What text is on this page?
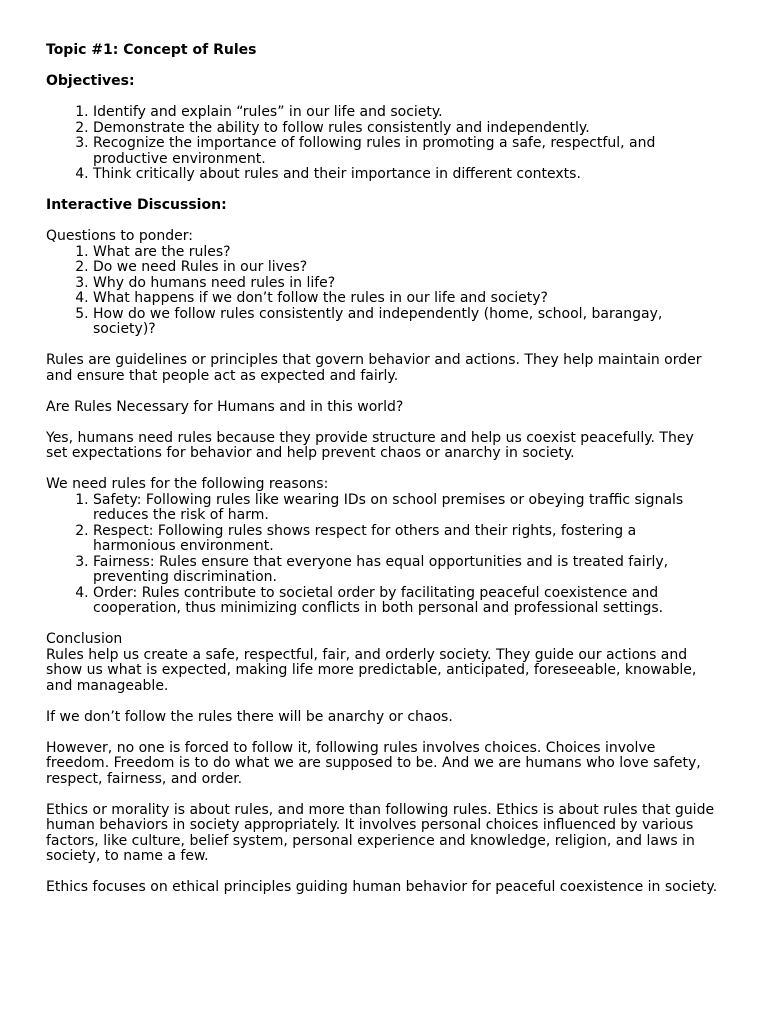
Topic #1: Concept of Rules

Objectives:

1. Identify and explain “rules” in our life and society.
2. Demonstrate the ability to follow rules consistently and independently.
3. Recognize the importance of following rules in promoting a safe, respectful, and productive environment.
4. Think critically about rules and their importance in different contexts.

Interactive Discussion:

Questions to ponder:

1. What are the rules?
2. Do we need Rules in our lives?
3. Why do humans need rules in life?
4. What happens if we don’t follow the rules in our life and society?
5. How do we follow rules consistently and independently (home, school, barangay, society)?

Rules are guidelines or principles that govern behavior and actions. They help maintain order and ensure that people act as expected and fairly.

Are Rules Necessary for Humans and in this world?

Yes, humans need rules because they provide structure and help us coexist peacefully. They set expectations for behavior and help prevent chaos or anarchy in society.

We need rules for the following reasons:

1. Safety: Following rules like wearing IDs on school premises or obeying traffic signals reduces the risk of harm.
2. Respect: Following rules shows respect for others and their rights, fostering a harmonious environment.
3. Fairness: Rules ensure that everyone has equal opportunities and is treated fairly, preventing discrimination.
4. Order: Rules contribute to societal order by facilitating peaceful coexistence and cooperation, thus minimizing conflicts in both personal and professional settings.

Conclusion

Rules help us create a safe, respectful, fair, and orderly society. They guide our actions and show us what is expected, making life more predictable, anticipated, foreseeable, knowable, and manageable.

If we don’t follow the rules there will be anarchy or chaos.

However, no one is forced to follow it, following rules involves choices. Choices involve freedom. Freedom is to do what we are supposed to be. And we are humans who love safety, respect, fairness, and order.

Ethics or morality is about rules, and more than following rules. Ethics is about rules that guide human behaviors in society appropriately. It involves personal choices influenced by various factors, like culture, belief system, personal experience and knowledge, religion, and laws in society, to name a few.

Ethics focuses on ethical principles guiding human behavior for peaceful coexistence in society.
